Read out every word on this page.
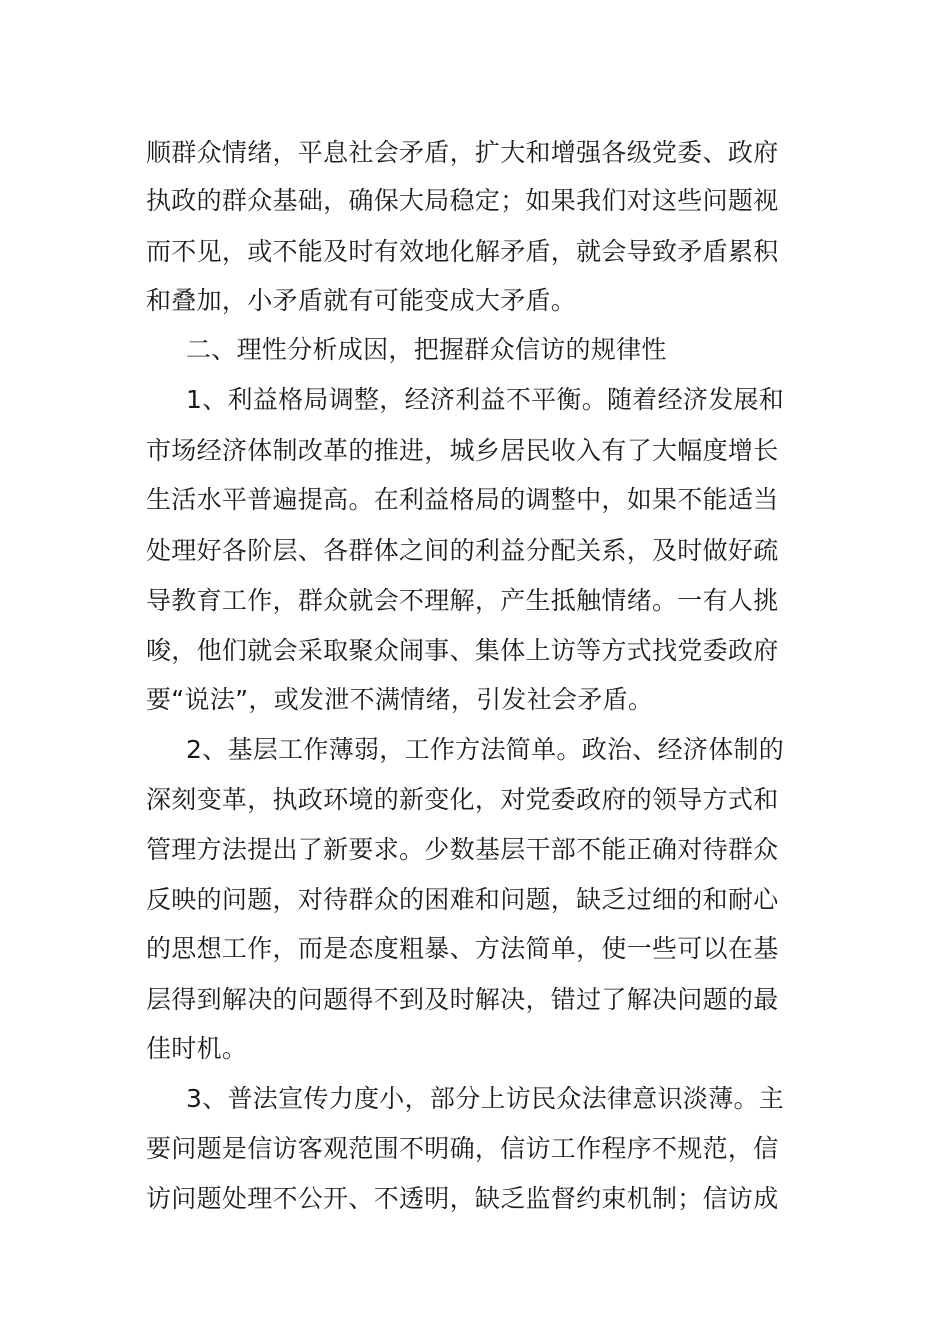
顺群众情绪，平息社会矛盾，扩大和增强各级党委、政府
执政的群众基础，确保大局稳定；如果我们对这些问题视
而不见，或不能及时有效地化解矛盾，就会导致矛盾累积
和叠加，小矛盾就有可能变成大矛盾。
二、理性分析成因，把握群众信访的规律性
1、利益格局调整，经济利益不平衡。随着经济发展和
市场经济体制改革的推进，城乡居民收入有了大幅度增长
生活水平普遍提高。在利益格局的调整中，如果不能适当
处理好各阶层、各群体之间的利益分配关系，及时做好疏
导教育工作，群众就会不理解，产生抵触情绪。一有人挑
唆，他们就会采取聚众闹事、集体上访等方式找党委政府
要“说法”，或发泄不满情绪，引发社会矛盾。
2、基层工作薄弱，工作方法简单。政治、经济体制的
深刻变革，执政环境的新变化，对党委政府的领导方式和
管理方法提出了新要求。少数基层干部不能正确对待群众
反映的问题，对待群众的困难和问题，缺乏过细的和耐心
的思想工作，而是态度粗暴、方法简单，使一些可以在基
层得到解决的问题得不到及时解决，错过了解决问题的最
佳时机。
3、普法宣传力度小，部分上访民众法律意识淡薄。主
要问题是信访客观范围不明确，信访工作程序不规范，信
访问题处理不公开、不透明，缺乏监督约束机制；信访成
